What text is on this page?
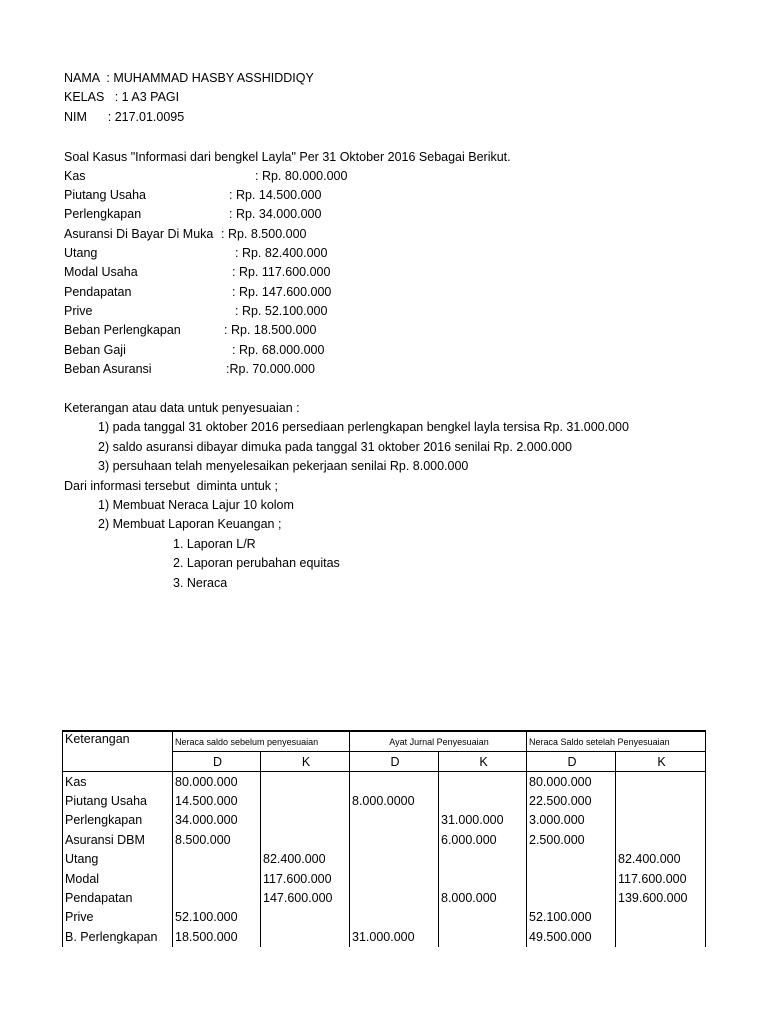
NAMA  : MUHAMMAD HASBY ASSHIDDIQY
KELAS   : 1 A3 PAGI
NIM      : 217.01.0095
Soal Kasus "Informasi dari bengkel Layla" Per 31 Oktober 2016 Sebagai Berikut.
Kas	: Rp. 80.000.000
Piutang Usaha	: Rp. 14.500.000
Perlengkapan	: Rp. 34.000.000
Asuransi Di Bayar Di Muka : Rp. 8.500.000
Utang	: Rp. 82.400.000
Modal Usaha	: Rp. 117.600.000
Pendapatan	: Rp. 147.600.000
Prive	: Rp. 52.100.000
Beban Perlengkapan	: Rp. 18.500.000
Beban Gaji	: Rp. 68.000.000
Beban Asuransi	:Rp. 70.000.000
Keterangan atau data untuk penyesuaian :
1) pada tanggal 31 oktober 2016 persediaan perlengkapan bengkel layla tersisa Rp. 31.000.000
2) saldo asuransi dibayar dimuka pada tanggal 31 oktober 2016 senilai Rp. 2.000.000
3) persuhaan telah menyelesaikan pekerjaan senilai Rp. 8.000.000
Dari informasi tersebut  diminta untuk ;
1) Membuat Neraca Lajur 10 kolom
2) Membuat Laporan Keuangan ;
1. Laporan L/R
2. Laporan perubahan equitas
3. Neraca
Keterangan	Neraca saldo sebelum penyesuaian		Ayat Jurnal Penyesuaian		Neraca Saldo setelah Penyesuaian	
	D	K	D	K	D	K
Kas	80.000.000				80.000.000	
Piutang Usaha	14.500.000		8.000.0000		22.500.000	
Perlengkapan	34.000.000			31.000.000	3.000.000	
Asuransi DBM	8.500.000			6.000.000	2.500.000	
Utang		82.400.000				82.400.000
Modal		117.600.000				117.600.000
Pendapatan		147.600.000		8.000.000		139.600.000
Prive	52.100.000				52.100.000	
B. Perlengkapan	18.500.000		31.000.000		49.500.000	
